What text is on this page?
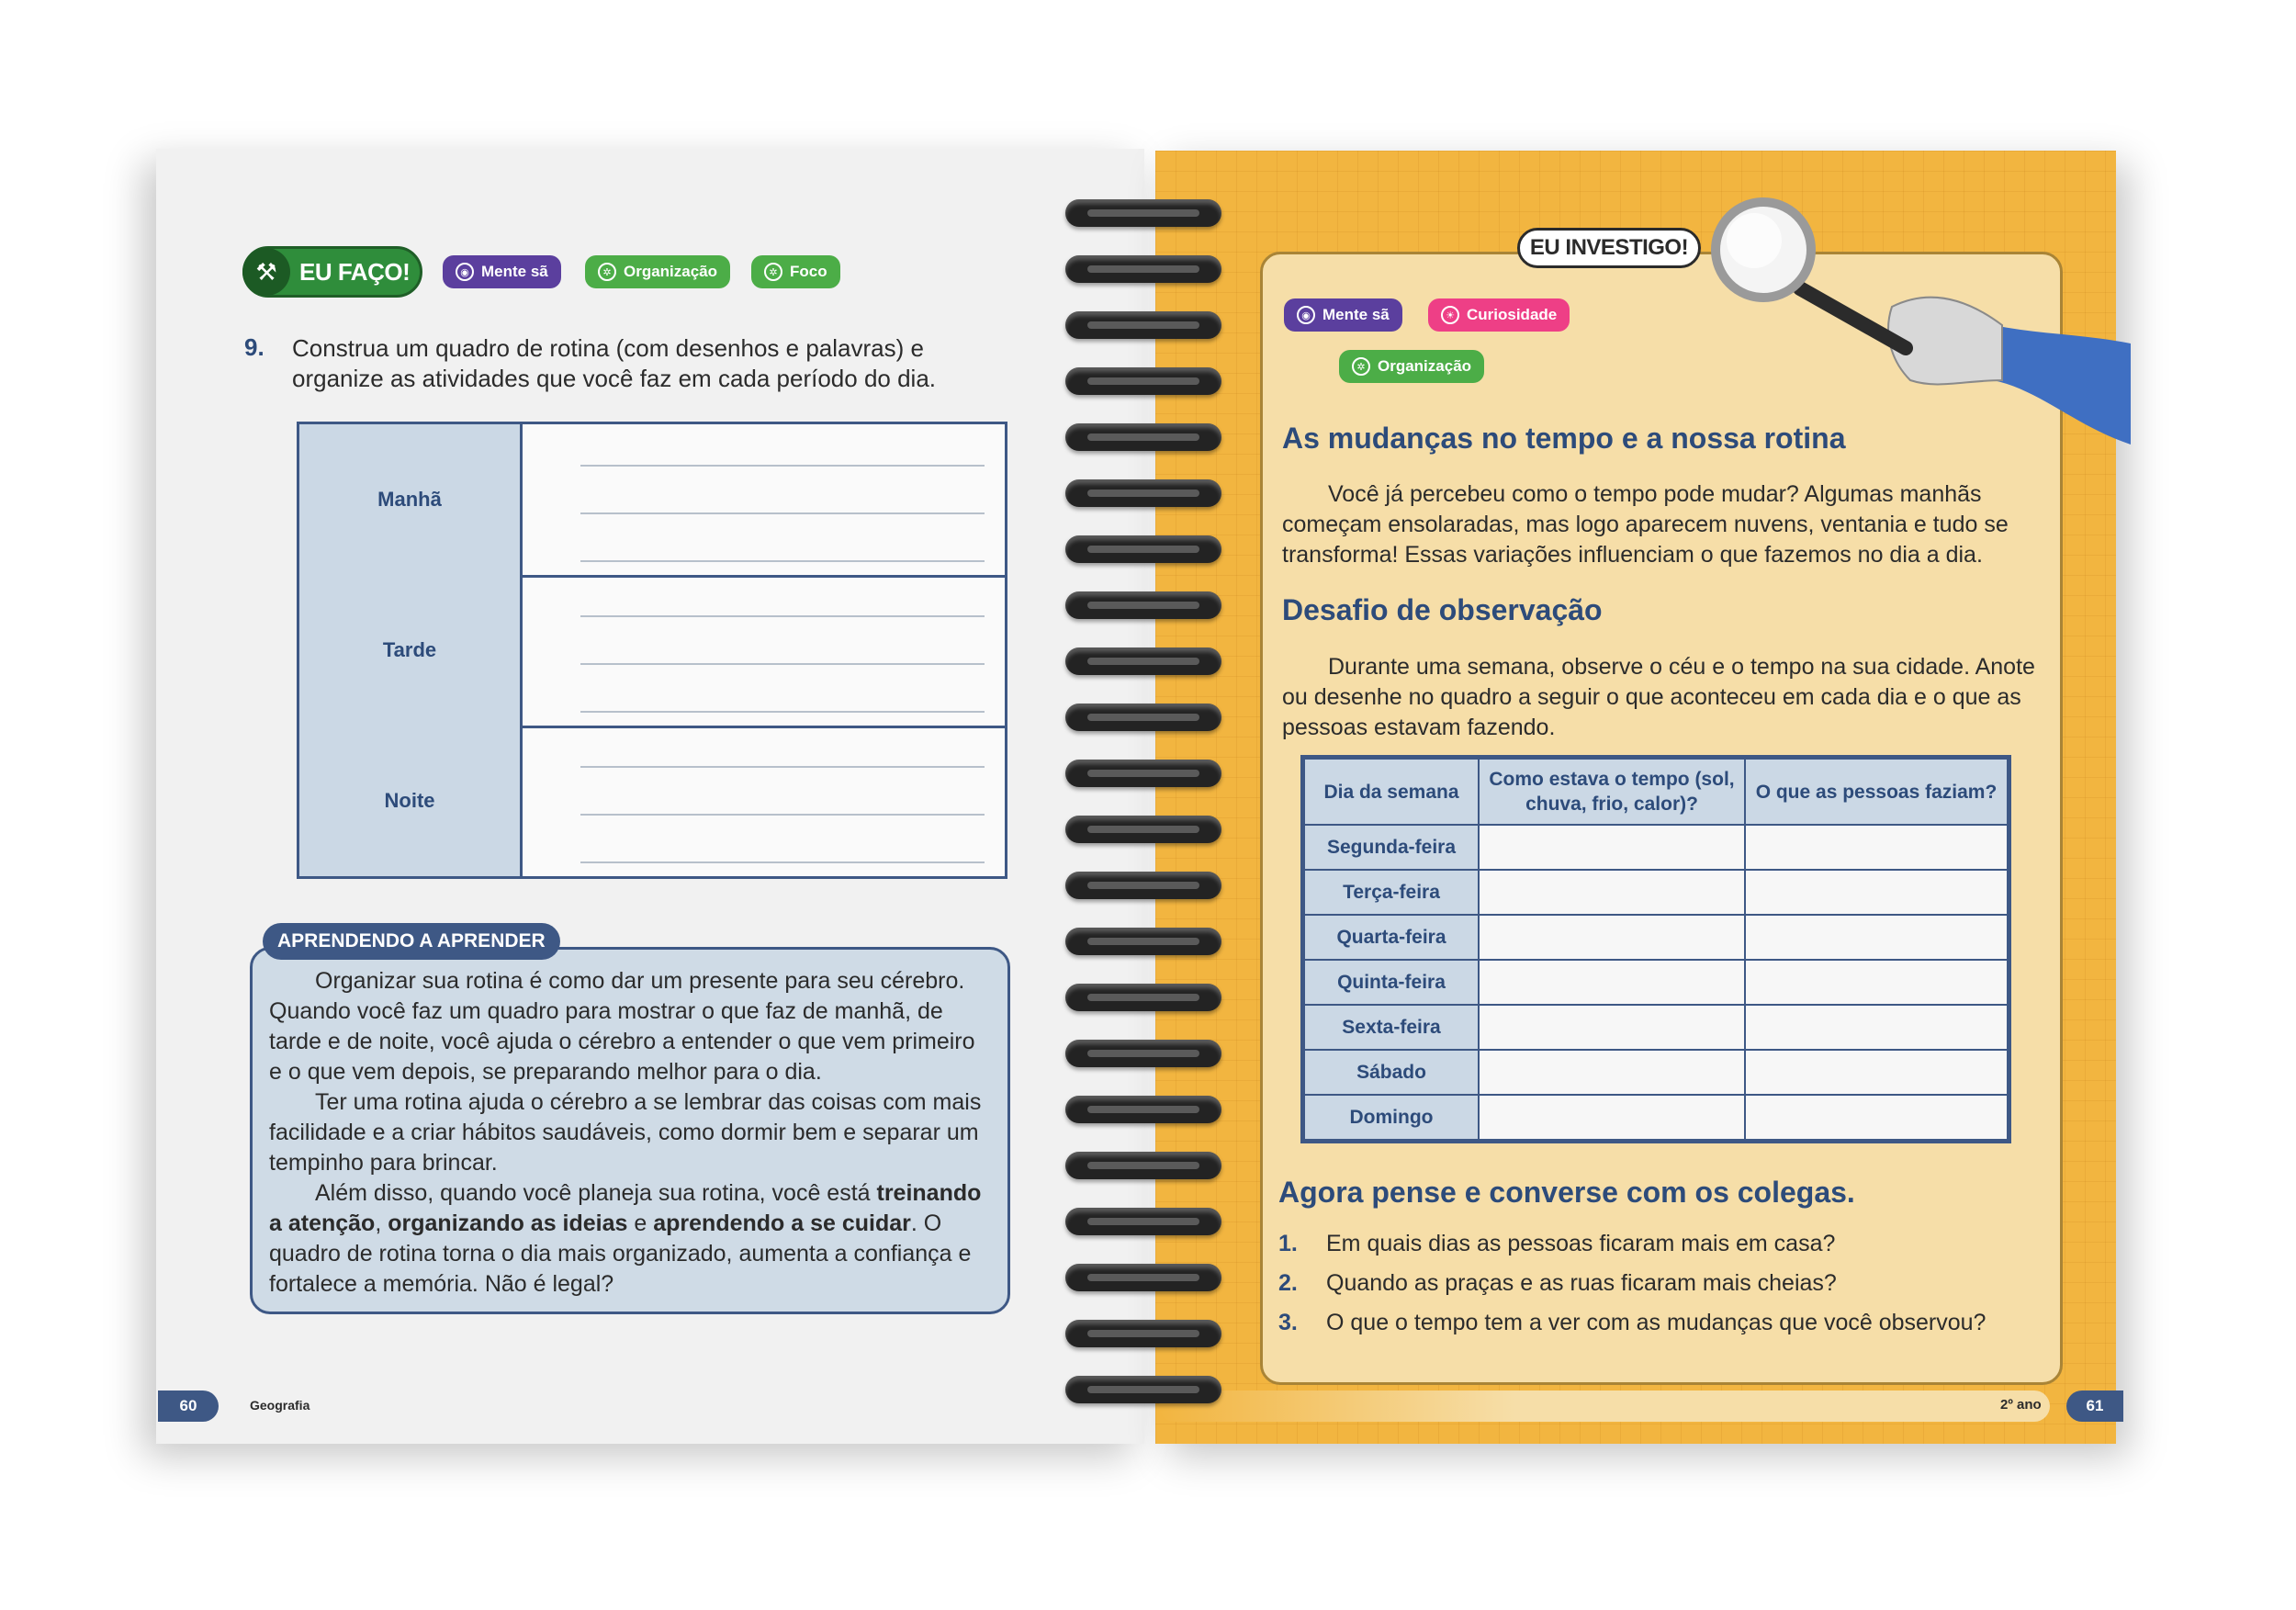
⚒ EU FAÇO!	◉ Mente sã	✲ Organização	✲ Foco
9. Construa um quadro de rotina (com desenhos e palavras) e organize as atividades que você faz em cada período do dia.
Manhã
Tarde
Noite
APRENDENDO A APRENDER

Organizar sua rotina é como dar um presente para seu cérebro. Quando você faz um quadro para mostrar o que faz de manhã, de tarde e de noite, você ajuda o cérebro a entender o que vem primeiro e o que vem depois, se preparando melhor para o dia.

Ter uma rotina ajuda o cérebro a se lembrar das coisas com mais facilidade e a criar hábitos saudáveis, como dormir bem e separar um tempinho para brincar.

Além disso, quando você planeja sua rotina, você está treinando a atenção, organizando as ideias e aprendendo a se cuidar. O quadro de rotina torna o dia mais organizado, aumenta a confiança e fortalece a memória. Não é legal?

60	Geografia
EU INVESTIGO!
◉ Mente sã	☀ Curiosidade
✲ Organização
As mudanças no tempo e a nossa rotina

Você já percebeu como o tempo pode mudar? Algumas manhãs começam ensolaradas, mas logo aparecem nuvens, ventania e tudo se transforma! Essas variações influenciam o que fazemos no dia a dia.

Desafio de observação

Durante uma semana, observe o céu e o tempo na sua cidade. Anote ou desenhe no quadro a seguir o que aconteceu em cada dia e o que as pessoas estavam fazendo.

Dia da semana	Como estava o tempo (sol, chuva, frio, calor)?	O que as pessoas faziam?
Segunda-feira		
Terça-feira		
Quarta-feira		
Quinta-feira		
Sexta-feira		
Sábado		
Domingo		
Agora pense e converse com os colegas.
1. Em quais dias as pessoas ficaram mais em casa?
2. Quando as praças e as ruas ficaram mais cheias?
3. O que o tempo tem a ver com as mudanças que você observou?
2º ano	61
